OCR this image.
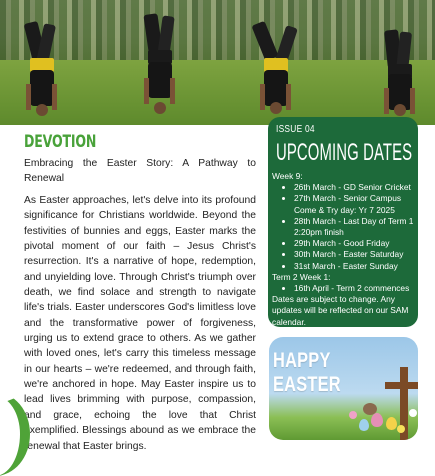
DEVOTION

Embracing the Easter Story: A Pathway to Renewal

As Easter approaches, let's delve into its profound significance for Christians worldwide. Beyond the festivities of bunnies and eggs, Easter marks the pivotal moment of our faith – Jesus Christ's resurrection. It's a narrative of hope, redemption, and unyielding love. Through Christ's triumph over death, we find solace and strength to navigate life's trials. Easter underscores God's limitless love and the transformative power of forgiveness, urging us to extend grace to others. As we gather with loved ones, let's carry this timeless message in our hearts – we're redeemed, and through faith, we're anchored in hope. May Easter inspire us to lead lives brimming with purpose, compassion, and grace, echoing the love that Christ exemplified. Blessings abound as we embrace the renewal that Easter brings.

ISSUE 04
UPCOMING DATES

Week 9:

• 26th March - GD Senior Cricket
• 27th March - Senior Campus Come & Try day: Yr 7 2025
• 28th March - Last Day of Term 1 2:20pm finish
• 29th March - Good Friday
• 30th March - Easter Saturday
• 31st March - Easter Sunday

Term 2 Week 1:

• 16th April - Term 2 commences

Dates are subject to change. Any updates will be reflected on our SAM calendar.

HAPPY
EASTER
